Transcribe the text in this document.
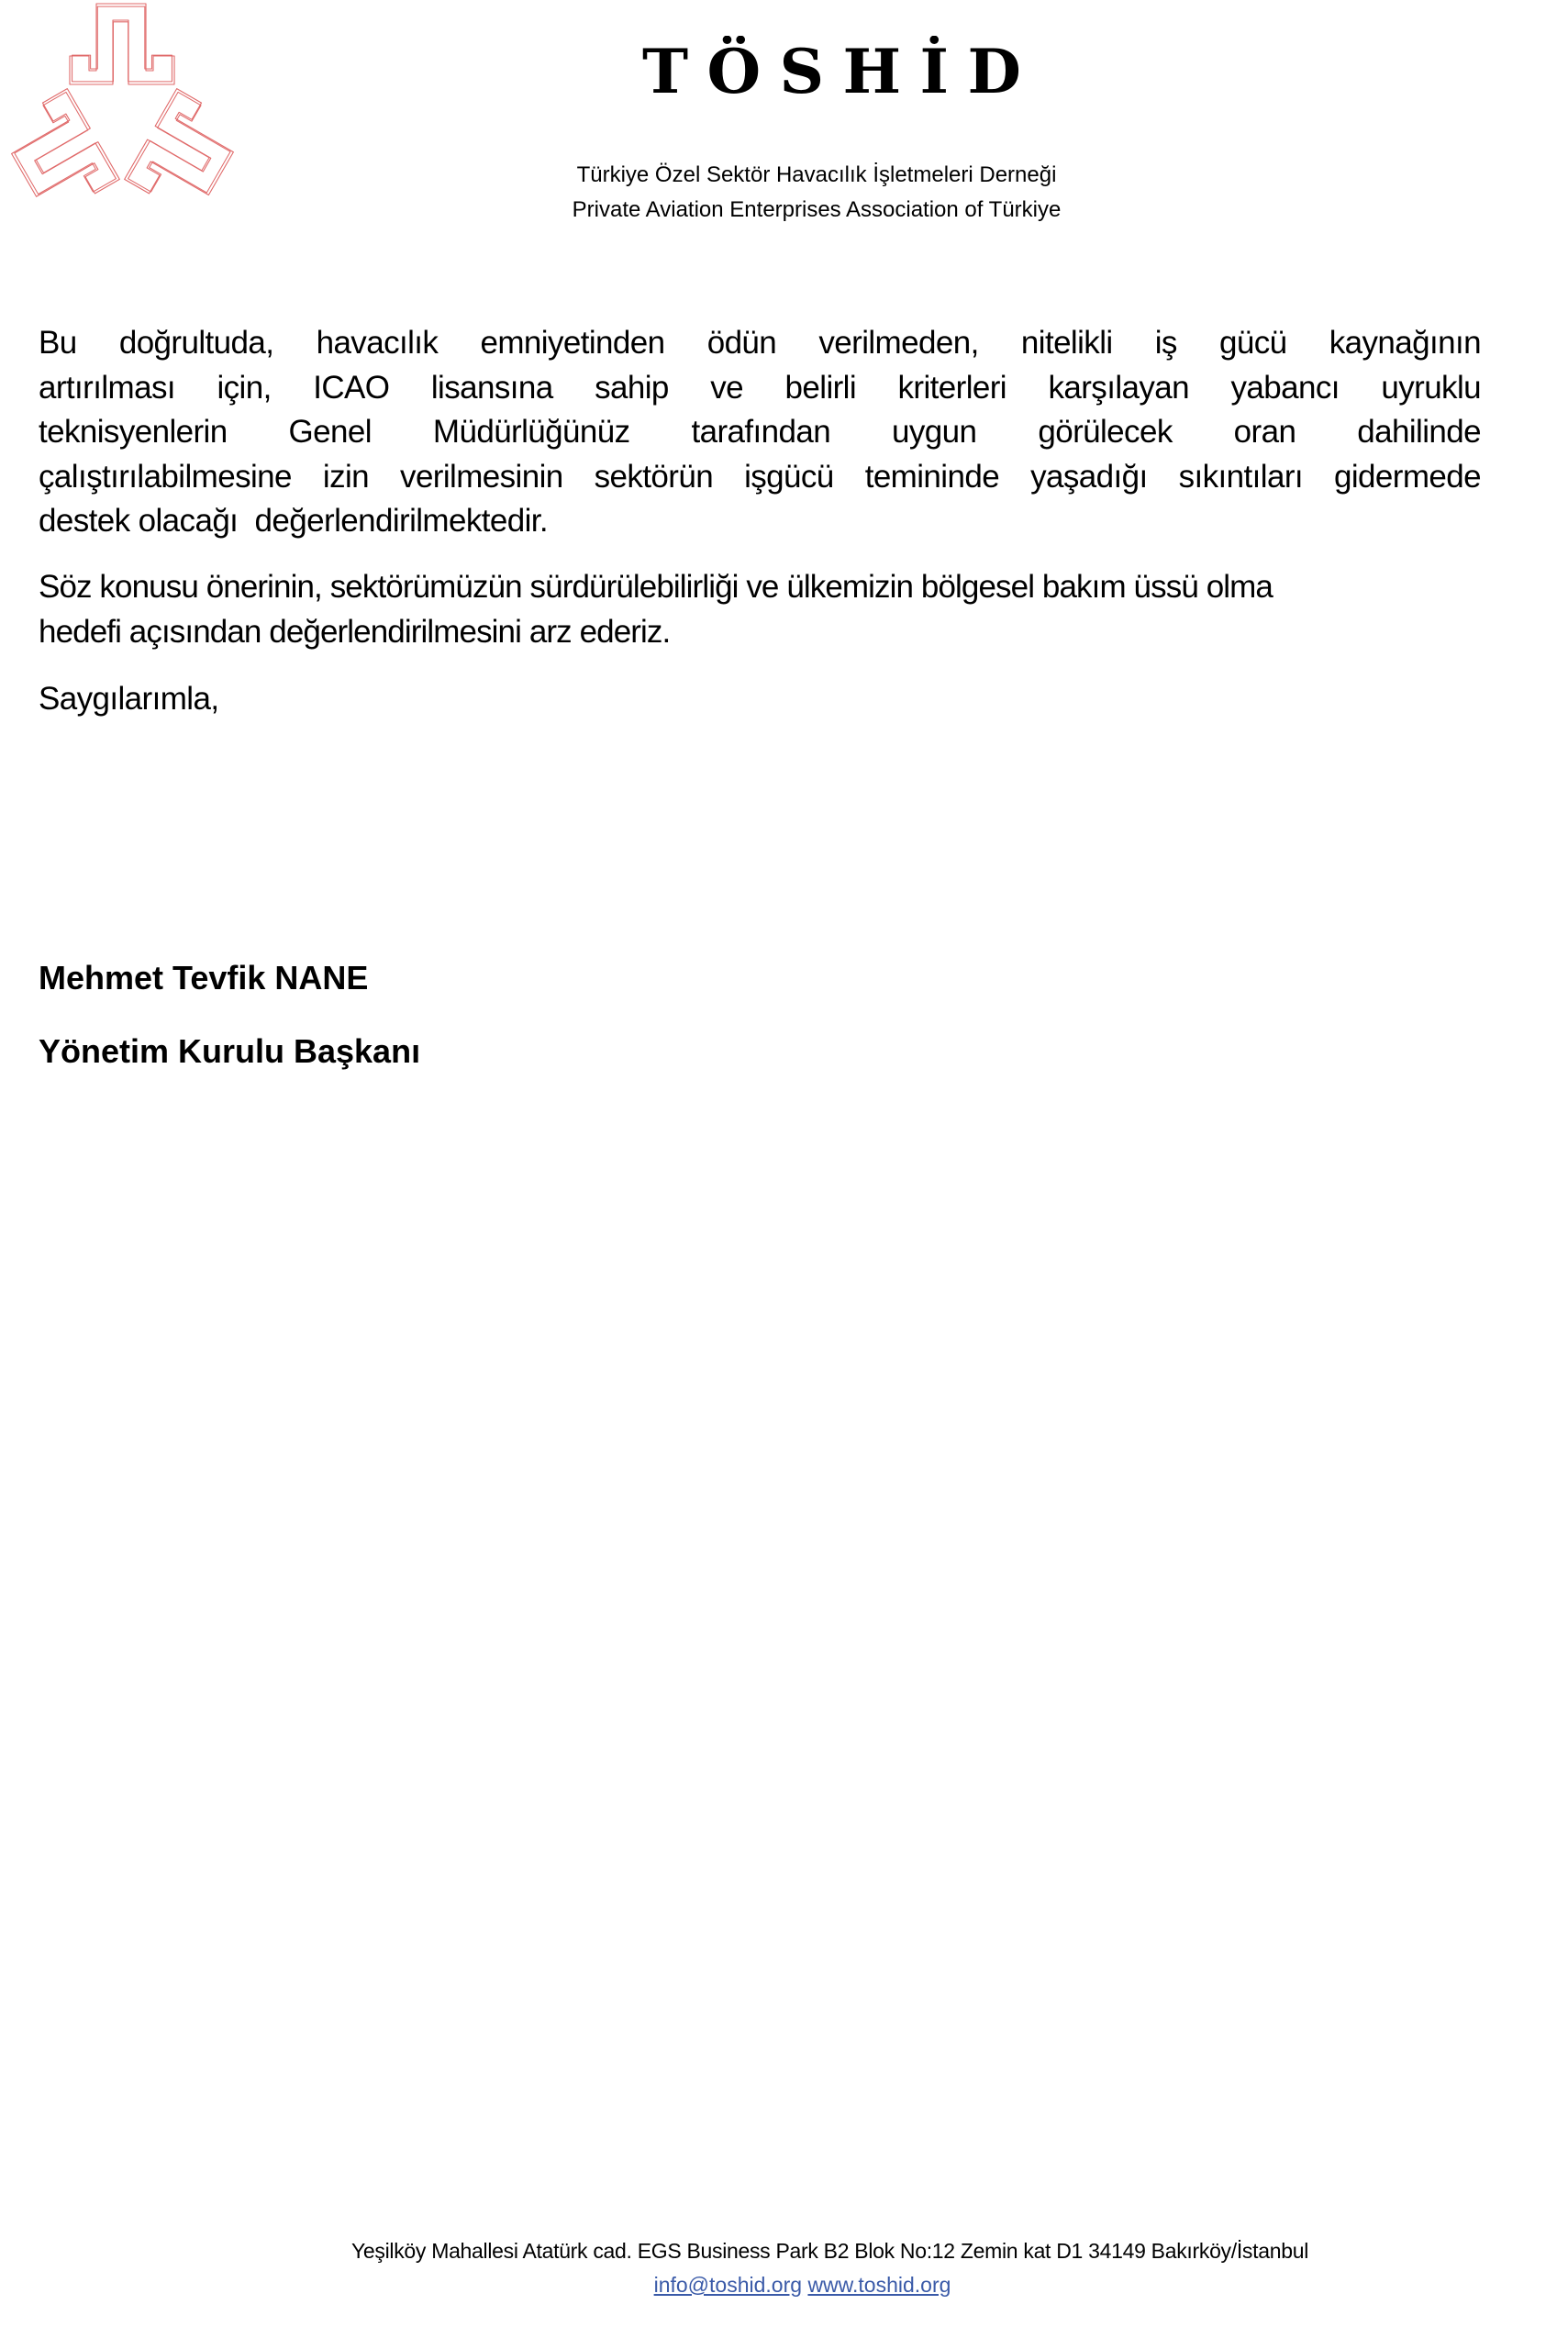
TÖSHİD
Türkiye Özel Sektör Havacılık İşletmeleri Derneği
Private Aviation Enterprises Association of Türkiye
Bu doğrultuda, havacılık emniyetinden ödün verilmeden, nitelikli iş gücü kaynağının
artırılması için, ICAO lisansına sahip ve belirli kriterleri karşılayan yabancı uyruklu
teknisyenlerin Genel Müdürlüğünüz tarafından uygun görülecek oran dahilinde
çalıştırılabilmesine izin verilmesinin sektörün işgücü temininde yaşadığı sıkıntıları gidermede
destek olacağı  değerlendirilmektedir.
Söz konusu önerinin, sektörümüzün sürdürülebilirliği ve ülkemizin bölgesel bakım üssü olma
hedefi açısından değerlendirilmesini arz ederiz.
Saygılarımla,
Mehmet Tevfik NANE
Yönetim Kurulu Başkanı
Yeşilköy Mahallesi Atatürk cad. EGS Business Park B2 Blok No:12 Zemin kat D1 34149 Bakırköy/İstanbul
info@toshid.org www.toshid.org
